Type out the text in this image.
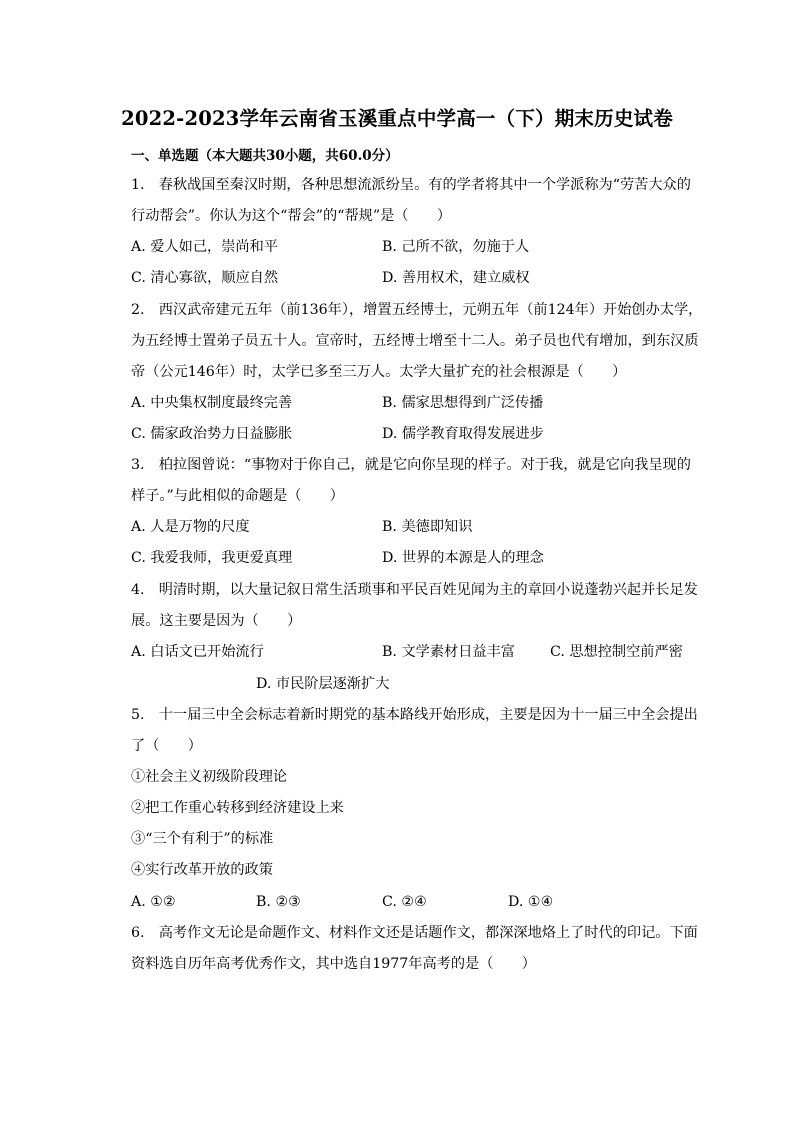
2022-2023学年云南省玉溪重点中学高一（下）期末历史试卷
一、单选题（本大题共30小题，共60.0分）
1.　春秋战国至秦汉时期，各种思想流派纷呈。有的学者将其中一个学派称为“劳苦大众的
行动帮会”。你认为这个“帮会”的“帮规”是（　　）
A. 爱人如己，崇尚和平	B. 己所不欲，勿施于人
C. 清心寡欲，顺应自然	D. 善用权术，建立威权
2.　西汉武帝建元五年（前136年），增置五经博士，元朔五年（前124年）开始创办太学，
为五经博士置弟子员五十人。宣帝时，五经博士增至十二人。弟子员也代有增加，到东汉质
帝（公元146年）时，太学已多至三万人。太学大量扩充的社会根源是（　　）
A. 中央集权制度最终完善	B. 儒家思想得到广泛传播
C. 儒家政治势力日益膨胀	D. 儒学教育取得发展进步
3.　柏拉图曾说：“事物对于你自己，就是它向你呈现的样子。对于我，就是它向我呈现的
样子。”与此相似的命题是（　　）
A. 人是万物的尺度	B. 美德即知识
C. 我爱我师，我更爱真理	D. 世界的本源是人的理念
4.　明清时期，以大量记叙日常生活琐事和平民百姓见闻为主的章回小说蓬勃兴起并长足发
展。这主要是因为（　　）
A. 白话文已开始流行	B. 文学素材日益丰富 C. 思想控制空前严密
D. 市民阶层逐渐扩大
5.　十一届三中全会标志着新时期党的基本路线开始形成，主要是因为十一届三中全会提出
了（　　）
①社会主义初级阶段理论
②把工作重心转移到经济建设上来
③“三个有利于”的标准
④实行改革开放的政策
A. ①②	B. ②③	C. ②④	D. ①④
6.　高考作文无论是命题作文、材料作文还是话题作文，都深深地烙上了时代的印记。下面
资料选自历年高考优秀作文，其中选自1977年高考的是（　　）
